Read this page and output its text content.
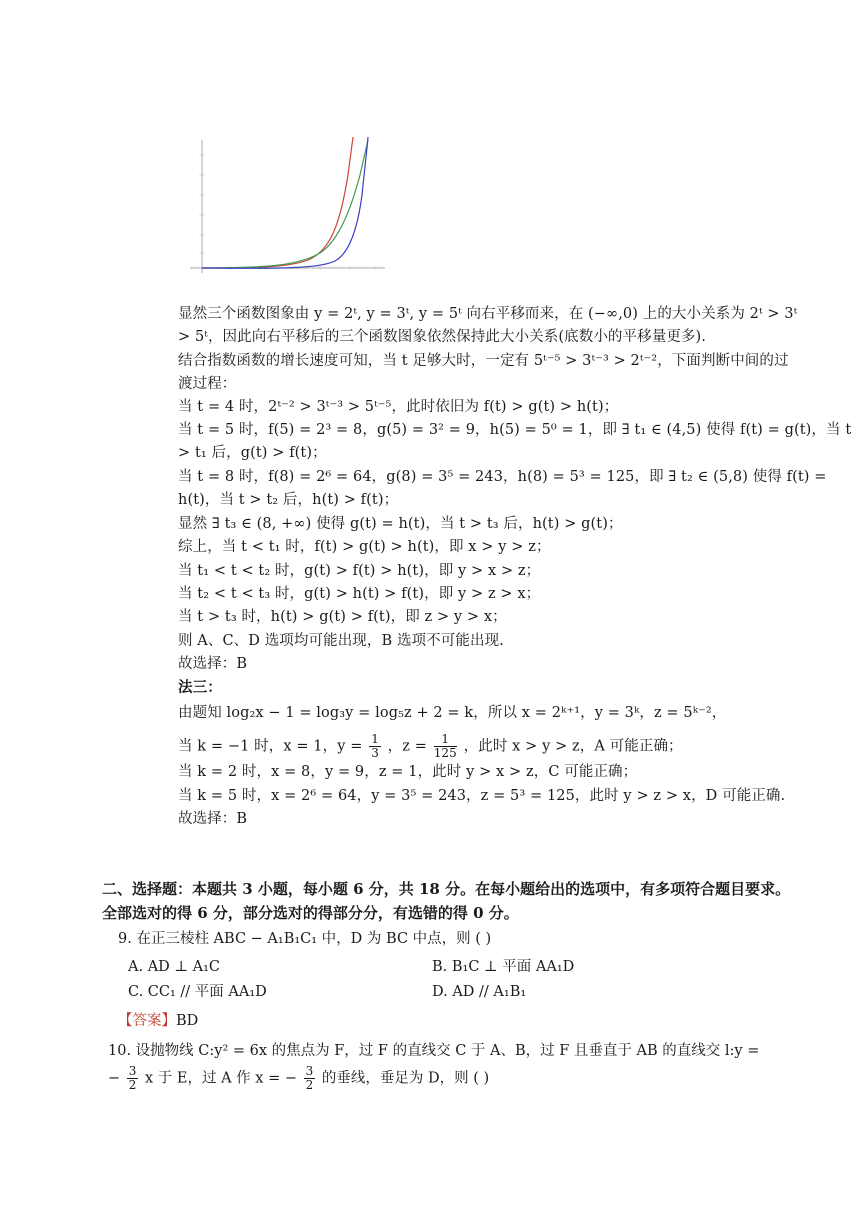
显然三个函数图象由 y = 2ᵗ, y = 3ᵗ, y = 5ᵗ 向右平移而来，在 (−∞,0) 上的大小关系为 2ᵗ > 3ᵗ
> 5ᵗ，因此向右平移后的三个函数图象依然保持此大小关系(底数小的平移量更多).
结合指数函数的增长速度可知，当 t 足够大时，一定有 5ᵗ⁻⁵ > 3ᵗ⁻³ > 2ᵗ⁻²，下面判断中间的过
渡过程：
当 t = 4 时，2ᵗ⁻² > 3ᵗ⁻³ > 5ᵗ⁻⁵，此时依旧为 f(t) > g(t) > h(t)；
当 t = 5 时，f(5) = 2³ = 8，g(5) = 3² = 9，h(5) = 5⁰ = 1，即 ∃ t₁ ∈ (4,5) 使得 f(t) = g(t)，当 t
> t₁ 后，g(t) > f(t)；
当 t = 8 时，f(8) = 2⁶ = 64，g(8) = 3⁵ = 243，h(8) = 5³ = 125，即 ∃ t₂ ∈ (5,8) 使得 f(t) =
h(t)，当 t > t₂ 后，h(t) > f(t)；
显然 ∃ t₃ ∈ (8, +∞) 使得 g(t) = h(t)，当 t > t₃ 后，h(t) > g(t)；
综上，当 t < t₁ 时，f(t) > g(t) > h(t)，即 x > y > z；
当 t₁ < t < t₂ 时，g(t) > f(t) > h(t)，即 y > x > z；
当 t₂ < t < t₃ 时，g(t) > h(t) > f(t)，即 y > z > x；
当 t > t₃ 时，h(t) > g(t) > f(t)，即 z > y > x；
则 A、C、D 选项均可能出现，B 选项不可能出现.
故选择：B
法三：
由题知 log₂x − 1 = log₃y = log₅z + 2 = k，所以 x = 2ᵏ⁺¹，y = 3ᵏ，z = 5ᵏ⁻²，
当 k = −1 时，x = 1，$y = \frac{1}{3}$ ，$z = \frac{1}{125}$ ，此时 x > y > z，A 可能正确；
当 k = 2 时，x = 8，y = 9，z = 1，此时 y > x > z，C 可能正确；
当 k = 5 时，x = 2⁶ = 64，y = 3⁵ = 243，z = 5³ = 125，此时 y > z > x，D 可能正确.
故选择：B
二、选择题：本题共 3 小题，每小题 6 分，共 18 分。在每小题给出的选项中，有多项符合题目要求。
全部选对的得 6 分，部分选对的得部分分，有选错的得 0 分。
9. 在正三棱柱 ABC − A₁B₁C₁ 中，D 为 BC 中点，则 ( )
A. AD ⊥ A₁C	B. B₁C ⊥ 平面 AA₁D
C. CC₁ // 平面 AA₁D	D. AD // A₁B₁
【答案】BD
10. 设抛物线 C:y² = 6x 的焦点为 F，过 F 的直线交 C 于 A、B，过 F 且垂直于 AB 的直线交 l:y =
− $\frac{3}{2}$ x 于 E，过 A 作 x = − $\frac{3}{2}$ 的垂线，垂足为 D，则 ( )
